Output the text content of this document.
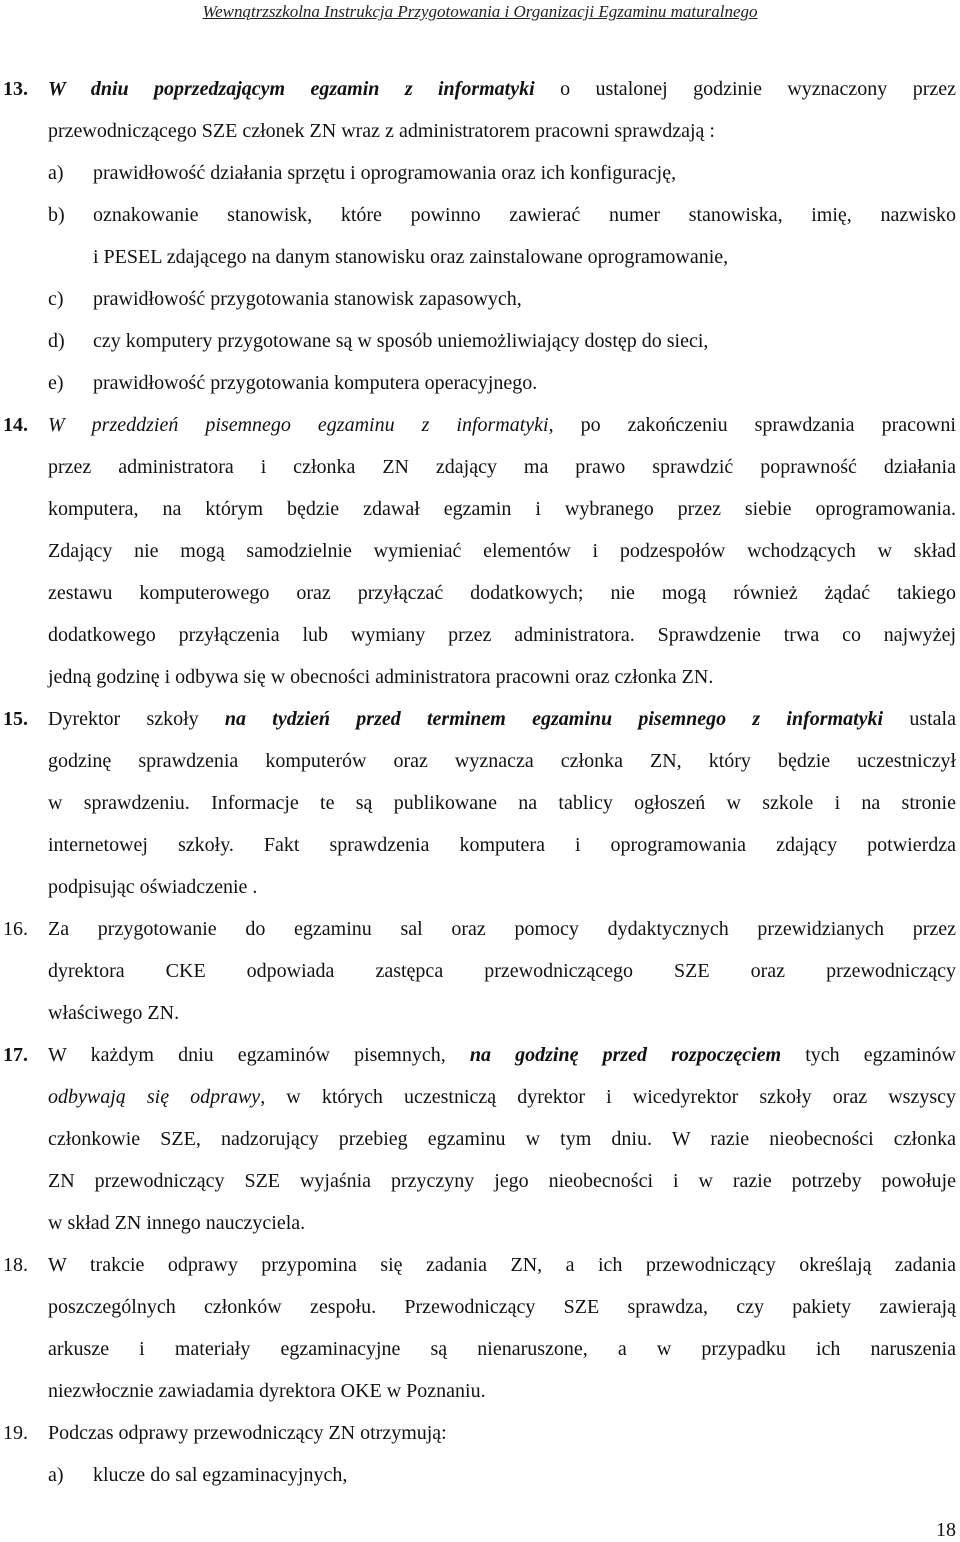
Wewnątrzszkolna Instrukcja Przygotowania i Organizacji Egzaminu maturalnego
13. W dniu poprzedzającym egzamin z informatyki o ustalonej godzinie wyznaczony przez
przewodniczącego SZE członek ZN wraz z administratorem pracowni sprawdzają :
a) prawidłowość działania sprzętu i oprogramowania oraz ich konfigurację,
b) oznakowanie stanowisk, które powinno zawierać numer stanowiska, imię, nazwisko
i PESEL zdającego na danym stanowisku oraz zainstalowane oprogramowanie,
c) prawidłowość przygotowania stanowisk zapasowych,
d) czy komputery przygotowane są w sposób uniemożliwiający dostęp do sieci,
e) prawidłowość przygotowania komputera operacyjnego.
14. W przeddzień pisemnego egzaminu z informatyki, po zakończeniu sprawdzania pracowni
przez administratora i członka ZN zdający ma prawo sprawdzić poprawność działania
komputera, na którym będzie zdawał egzamin i wybranego przez siebie oprogramowania.
Zdający nie mogą samodzielnie wymieniać elementów i podzespołów wchodzących w skład
zestawu komputerowego oraz przyłączać dodatkowych; nie mogą również żądać takiego
dodatkowego przyłączenia lub wymiany przez administratora. Sprawdzenie trwa co najwyżej
jedną godzinę i odbywa się w obecności administratora pracowni oraz członka ZN.
15. Dyrektor szkoły na tydzień przed terminem egzaminu pisemnego z informatyki ustala
godzinę sprawdzenia komputerów oraz wyznacza członka ZN, który będzie uczestniczył
w sprawdzeniu. Informacje te są publikowane na tablicy ogłoszeń w szkole i na stronie
internetowej szkoły. Fakt sprawdzenia komputera i oprogramowania zdający potwierdza
podpisując oświadczenie .
16. Za przygotowanie do egzaminu sal oraz pomocy dydaktycznych przewidzianych przez
dyrektora CKE odpowiada zastępca przewodniczącego SZE oraz przewodniczący
właściwego ZN.
17. W każdym dniu egzaminów pisemnych, na godzinę przed rozpoczęciem tych egzaminów
odbywają się odprawy, w których uczestniczą dyrektor i wicedyrektor szkoły oraz wszyscy
członkowie SZE, nadzorujący przebieg egzaminu w tym dniu. W razie nieobecności członka
ZN przewodniczący SZE wyjaśnia przyczyny jego nieobecności i w razie potrzeby powołuje
w skład ZN innego nauczyciela.
18. W trakcie odprawy przypomina się zadania ZN, a ich przewodniczący określają zadania
poszczególnych członków zespołu. Przewodniczący SZE sprawdza, czy pakiety zawierają
arkusze i materiały egzaminacyjne są nienaruszone, a w przypadku ich naruszenia
niezwłocznie zawiadamia dyrektora OKE w Poznaniu.
19. Podczas odprawy przewodniczący ZN otrzymują:
a) klucze do sal egzaminacyjnych,
18
